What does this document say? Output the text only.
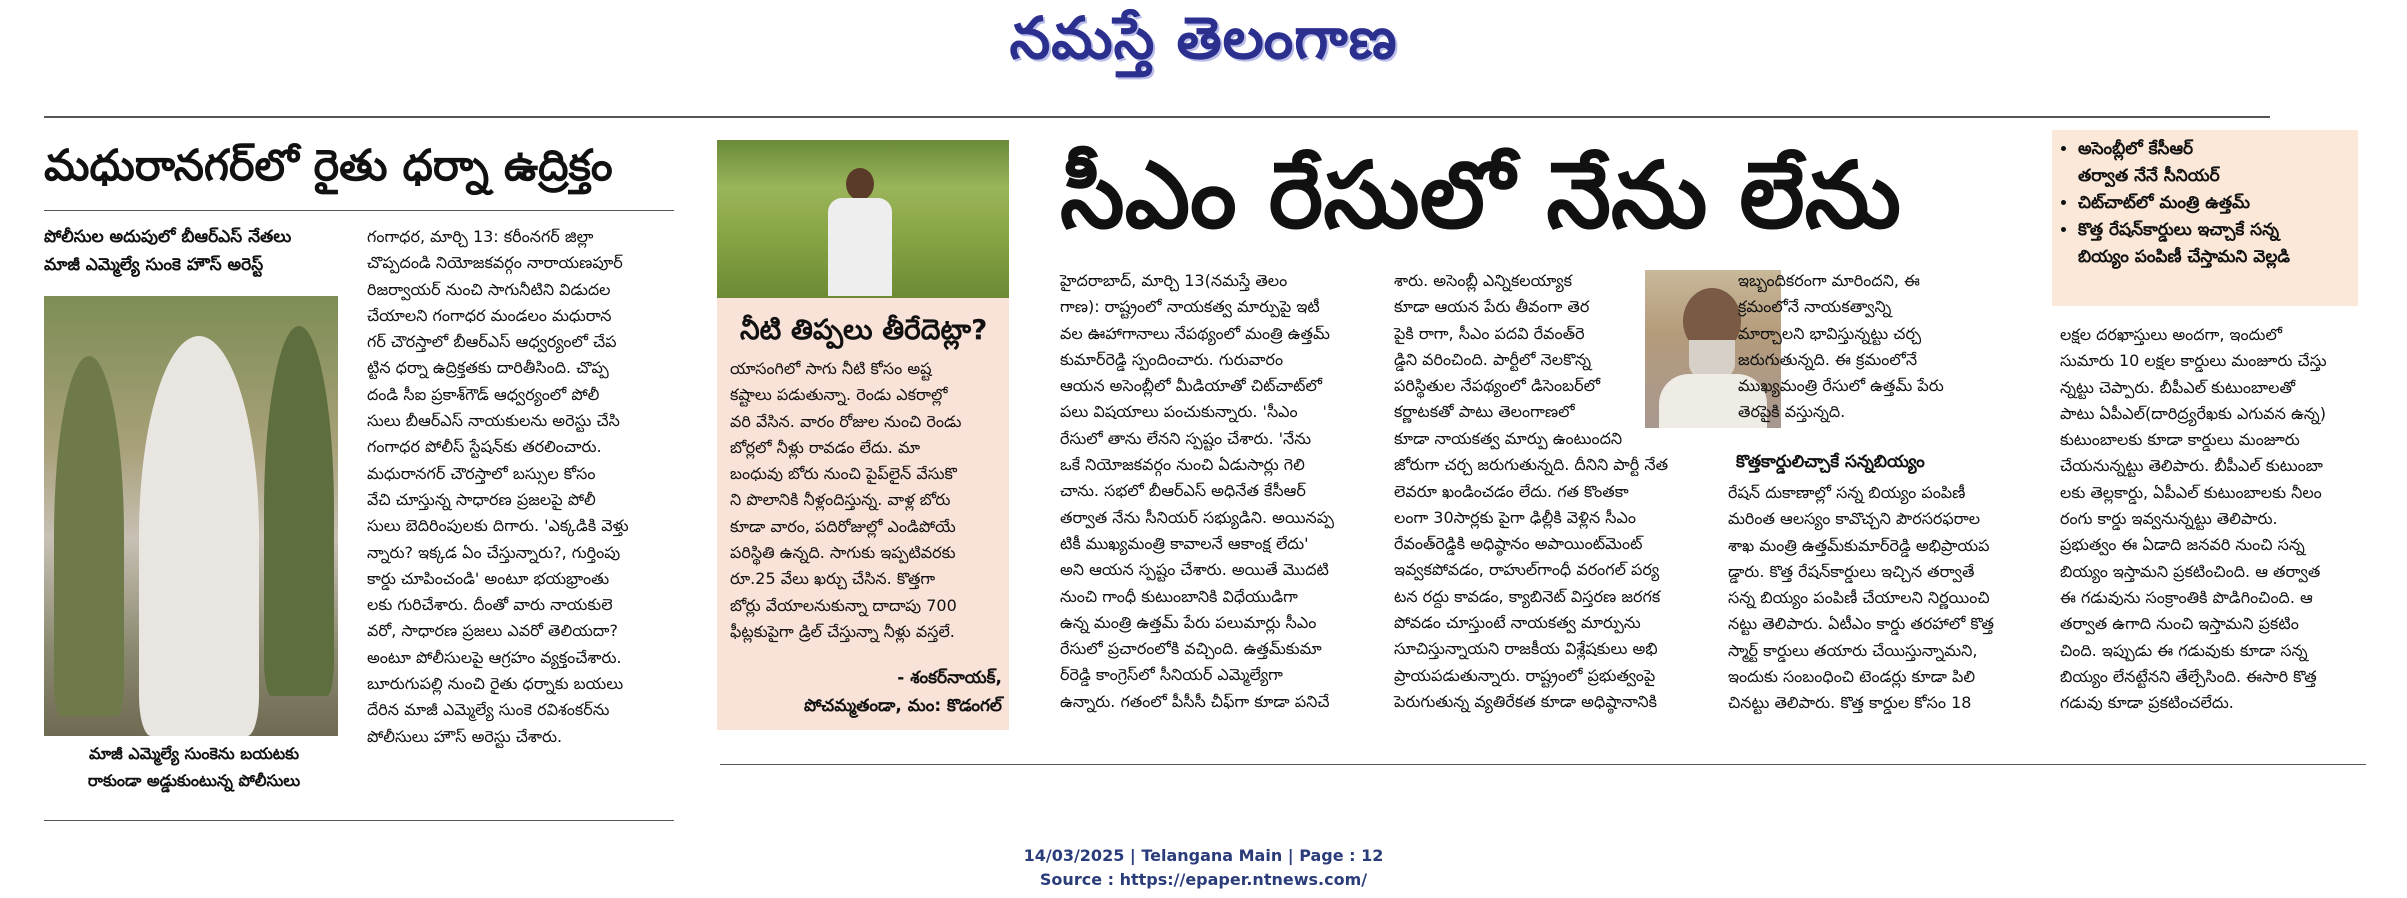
నమస్తే తెలంగాణ
మధురానగర్‌లో రైతు ధర్నా ఉద్రిక్తం
పోలీసుల అదుపులో బీఆర్‌ఎస్ నేతలు
మాజీ ఎమ్మెల్యే సుంకె హౌస్ అరెస్ట్
మాజీ ఎమ్మెల్యే సుంకెను బయటకు
రాకుండా అడ్డుకుంటున్న పోలీసులు

గంగాధర, మార్చి 13: కరీంనగర్ జిల్లా

చొప్పదండి నియోజకవర్గం నారాయణపూర్

రిజర్వాయర్ నుంచి సాగునీటిని విడుదల

చేయాలని గంగాధర మండలం మధురాన

గర్ చౌరస్తాలో బీఆర్‌ఎస్ ఆధ్వర్యంలో చేప

ట్టిన ధర్నా ఉద్రిక్తతకు దారితీసింది. చొప్ప

దండి సీఐ ప్రకాశ్‌గౌడ్ ఆధ్వర్యంలో పోలీ

సులు బీఆర్‌ఎస్ నాయకులను అరెస్టు చేసి

గంగాధర పోలీస్ స్టేషన్‌కు తరలించారు.

మధురానగర్ చౌరస్తాలో బస్సుల కోసం

వేచి చూస్తున్న సాధారణ ప్రజలపై పోలీ

సులు బెదిరింపులకు దిగారు. 'ఎక్కడికి వెళ్తు

న్నారు? ఇక్కడ ఏం చేస్తున్నారు?, గుర్తింపు

కార్డు చూపించండి' అంటూ భయభ్రాంతు

లకు గురిచేశారు. దీంతో వారు నాయకులె

వరో, సాధారణ ప్రజలు ఎవరో తెలియదా?

అంటూ పోలీసులపై ఆగ్రహం వ్యక్తంచేశారు.

బూరుగుపల్లి నుంచి రైతు ధర్నాకు బయలు

దేరిన మాజీ ఎమ్మెల్యే సుంకె రవిశంకర్‌ను

పోలీసులు హౌస్ అరెస్టు చేశారు.

నీటి తిప్పలు తీరేదెట్లా?

యాసంగిలో సాగు నీటి కోసం అష్ట

కష్టాలు పడుతున్నా. రెండు ఎకరాల్లో

వరి వేసిన. వారం రోజుల నుంచి రెండు

బోర్లలో నీళ్లు రావడం లేదు. మా

బంధువు బోరు నుంచి పైప్‌లైన్ వేసుకొ

ని పొలానికి నీళ్లందిస్తున్న. వాళ్ల బోరు

కూడా వారం, పదిరోజుల్లో ఎండిపోయే

పరిస్థితి ఉన్నది. సాగుకు ఇప్పటివరకు

రూ.25 వేలు ఖర్చు చేసిన. కొత్తగా

బోర్లు వేయాలనుకున్నా దాదాపు 700

ఫీట్లకుపైగా డ్రిల్ చేస్తున్నా నీళ్లు వస్తలే.

- శంకర్‌నాయక్,
పోచమ్మతండా, మం: కొడంగల్
సీఎం రేసులో నేను లేను
•	అసెంబ్లీలో కేసీఆర్
తర్వాత నేనే సీనియర్
• చిట్‌చాట్‌లో మంత్రి ఉత్తమ్
• కొత్త రేషన్‌కార్డులు ఇచ్చాకే సన్న
బియ్యం పంపిణీ చేస్తామని వెల్లడి

హైదరాబాద్, మార్చి 13(నమస్తే తెలం

గాణ): రాష్ట్రంలో నాయకత్వ మార్పుపై ఇటీ

వల ఊహాగానాలు నేపథ్యంలో మంత్రి ఉత్తమ్

కుమార్‌రెడ్డి స్పందించారు. గురువారం

ఆయన అసెంబ్లీలో మీడియాతో చిట్‌చాట్‌లో

పలు విషయాలు పంచుకున్నారు. 'సీఎం

రేసులో తాను లేనని స్పష్టం చేశారు. 'నేను

ఒకే నియోజకవర్గం నుంచి ఏడుసార్లు గెలి

చాను. సభలో బీఆర్‌ఎస్ అధినేత కేసీఆర్

తర్వాత నేను సీనియర్ సభ్యుడిని. అయినప్ప

టికీ ముఖ్యమంత్రి కావాలనే ఆకాంక్ష లేదు'

అని ఆయన స్పష్టం చేశారు. అయితే మొదటి

నుంచి గాంధీ కుటుంబానికి విధేయుడిగా

ఉన్న మంత్రి ఉత్తమ్ పేరు పలుమార్లు సీఎం

రేసులో ప్రచారంలోకి వచ్చింది. ఉత్తమ్‌కుమా

ర్‌రెడ్డి కాంగ్రెస్‌లో సీనియర్ ఎమ్మెల్యేగా

ఉన్నారు. గతంలో పీసీసీ చీఫ్‌గా కూడా పనిచే

శారు. అసెంబ్లీ ఎన్నికలయ్యాక

కూడా ఆయన పేరు తీవంగా తెర

పైకి రాగా, సీఎం పదవి రేవంత్‌రె

డ్డిని వరించింది. పార్టీలో నెలకొన్న

పరిస్థితుల నేపథ్యంలో డిసెంబర్‌లో

కర్ణాటకతో పాటు తెలంగాణలో

కూడా నాయకత్వ మార్పు ఉంటుందని

జోరుగా చర్చ జరుగుతున్నది. దీనిని పార్టీ నేత

లెవరూ ఖండించడం లేదు. గత కొంతకా

లంగా 30సార్లకు పైగా ఢిల్లీకి వెళ్లిన సీఎం

రేవంత్‌రెడ్డికి అధిష్ఠానం అపాయింట్‌మెంట్

ఇవ్వకపోవడం, రాహుల్‌గాంధీ వరంగల్ పర్య

టన రద్దు కావడం, క్యాబినెట్ విస్తరణ జరగక

పోవడం చూస్తుంటే నాయకత్వ మార్పును

సూచిస్తున్నాయని రాజకీయ విశ్లేషకులు అభి

ప్రాయపడుతున్నారు. రాష్ట్రంలో ప్రభుత్వంపై

పెరుగుతున్న వ్యతిరేకత కూడా అధిష్ఠానానికి

ఇబ్బందికరంగా మారిందని, ఈ

క్రమంలోనే నాయకత్వాన్ని

మార్చాలని భావిస్తున్నట్టు చర్చ

జరుగుతున్నది. ఈ క్రమంలోనే

ముఖ్యమంత్రి రేసులో ఉత్తమ్ పేరు

తెరపైకి వస్తున్నది.

కొత్తకార్డులిచ్చాకే సన్నబియ్యం

రేషన్ దుకాణాల్లో సన్న బియ్యం పంపిణీ

మరింత ఆలస్యం కావొచ్చని పౌరసరఫరాల

శాఖ మంత్రి ఉత్తమ్‌కుమార్‌రెడ్డి అభిప్రాయప

డ్డారు. కొత్త రేషన్‌కార్డులు ఇచ్చిన తర్వాతే

సన్న బియ్యం పంపిణీ చేయాలని నిర్ణయించి

నట్టు తెలిపారు. ఏటీఎం కార్డు తరహాలో కొత్త

స్మార్ట్ కార్డులు తయారు చేయిస్తున్నామని,

ఇందుకు సంబంధించి టెండర్లు కూడా పిలి

చినట్టు తెలిపారు. కొత్త కార్డుల కోసం 18

లక్షల దరఖాస్తులు అందగా, ఇందులో

సుమారు 10 లక్షల కార్డులు మంజూరు చేస్తు

న్నట్టు చెప్పారు. బీపీఎల్ కుటుంబాలతో

పాటు ఏపీఎల్(దారిద్ర్యరేఖకు ఎగువన ఉన్న)

కుటుంబాలకు కూడా కార్డులు మంజూరు

చేయనున్నట్టు తెలిపారు. బీపీఎల్ కుటుంబా

లకు తెల్లకార్డు, ఏపీఎల్ కుటుంబాలకు నీలం

రంగు కార్డు ఇవ్వనున్నట్టు తెలిపారు.

ప్రభుత్వం ఈ ఏడాది జనవరి నుంచి సన్న

బియ్యం ఇస్తామని ప్రకటించింది. ఆ తర్వాత

ఈ గడువును సంక్రాంతికి పొడిగించింది. ఆ

తర్వాత ఉగాది నుంచి ఇస్తామని ప్రకటిం

చింది. ఇప్పుడు ఈ గడువుకు కూడా సన్న

బియ్యం లేనట్టేనని తేల్చేసింది. ఈసారి కొత్త

గడువు కూడా ప్రకటించలేదు.

14/03/2025 | Telangana Main | Page : 12
Source : https://epaper.ntnews.com/
